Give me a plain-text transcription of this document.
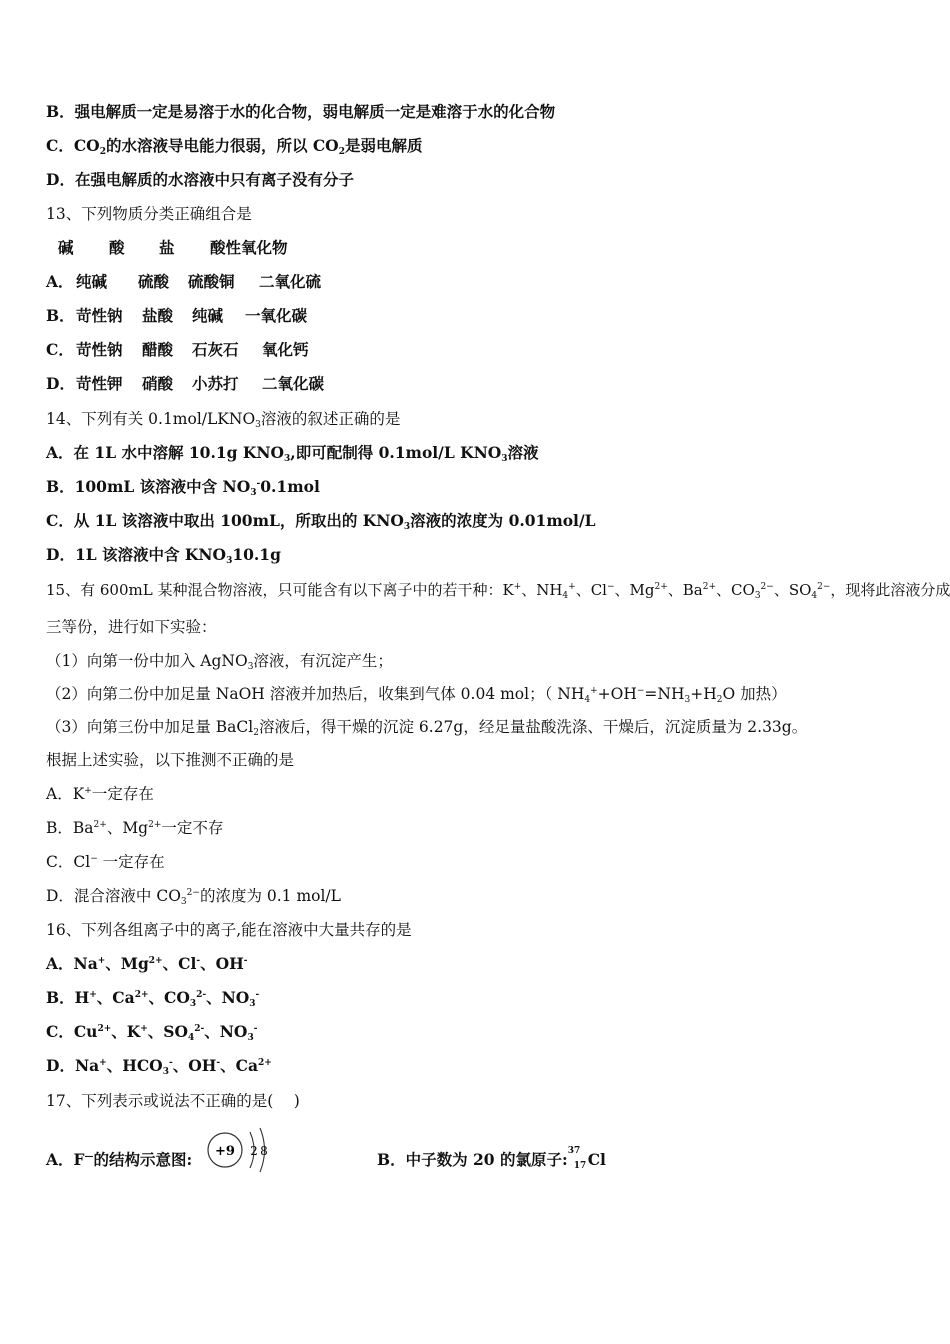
B．强电解质一定是易溶于水的化合物，弱电解质一定是难溶于水的化合物
C．$CO_2$的水溶液导电能力很弱，所以 $CO_2$是弱电解质
D．在强电解质的水溶液中只有离子没有分子
13、下列物质分类正确组合是
碱 酸 盐 酸性氧化物
A． 纯碱 硫酸 硫酸铜 二氧化硫
B． 苛性钠 盐酸 纯碱 一氧化碳
C． 苛性钠 醋酸 石灰石 氧化钙
D． 苛性钾 硝酸 小苏打 二氧化碳
14、下列有关 $0.1mol/LKNO_3$溶液的叙述正确的是
A．在 1L 水中溶解 10.1g $KNO_3$,即可配制得 0.1mol/L $KNO_3$溶液
B．100mL 该溶液中含 $NO_3^-0.1mol$
C．从 1L 该溶液中取出 100mL，所取出的 $KNO_3$溶液的浓度为 0.01mol/L
D．1L 该溶液中含 $KNO_310.1g$
15、有 600mL 某种混合物溶液，只可能含有以下离子中的若干种：K+、$NH_4^+$、Cl−、$Mg^{2+}$、$Ba^{2+}$、$CO_3^{2-}$、$SO_4^{2-}$，现将此溶液分成
三等份，进行如下实验：
（1）向第一份中加入 AgNO$_3$溶液，有沉淀产生；
（2）向第二份中加足量 NaOH 溶液并加热后，收集到气体 0.04 mol；（ $NH_4^++OH^-=NH_3+H_2O$ 加热）
（3）向第三份中加足量 BaCl$_2$溶液后，得干燥的沉淀 6.27g，经足量盐酸洗涤、干燥后，沉淀质量为 2.33g。
根据上述实验，以下推测不正确的是
A．K+一定存在
B．$Ba^{2+}$、$Mg^{2+}$一定不存
C．Cl− 一定存在
D．混合溶液中 $CO_3^{2-}$的浓度为 0.1 mol/L
16、下列各组离子中的离子,能在溶液中大量共存的是
A．Na+、$Mg^{2+}$、Cl-、OH-
B．H+、$Ca^{2+}$、$CO_3^{2-}$、$NO_3^-$
C．$Cu^{2+}$、K+、$SO_4^{2-}$、$NO_3^-$
D．Na+、$HCO_3^-$、OH-、$Ca^{2+}$
17、下列表示或说法不正确的是(　 )
A．F—的结构示意图: +9 2 8	B．中子数为 20 的氯原子: 37
17 Cl
